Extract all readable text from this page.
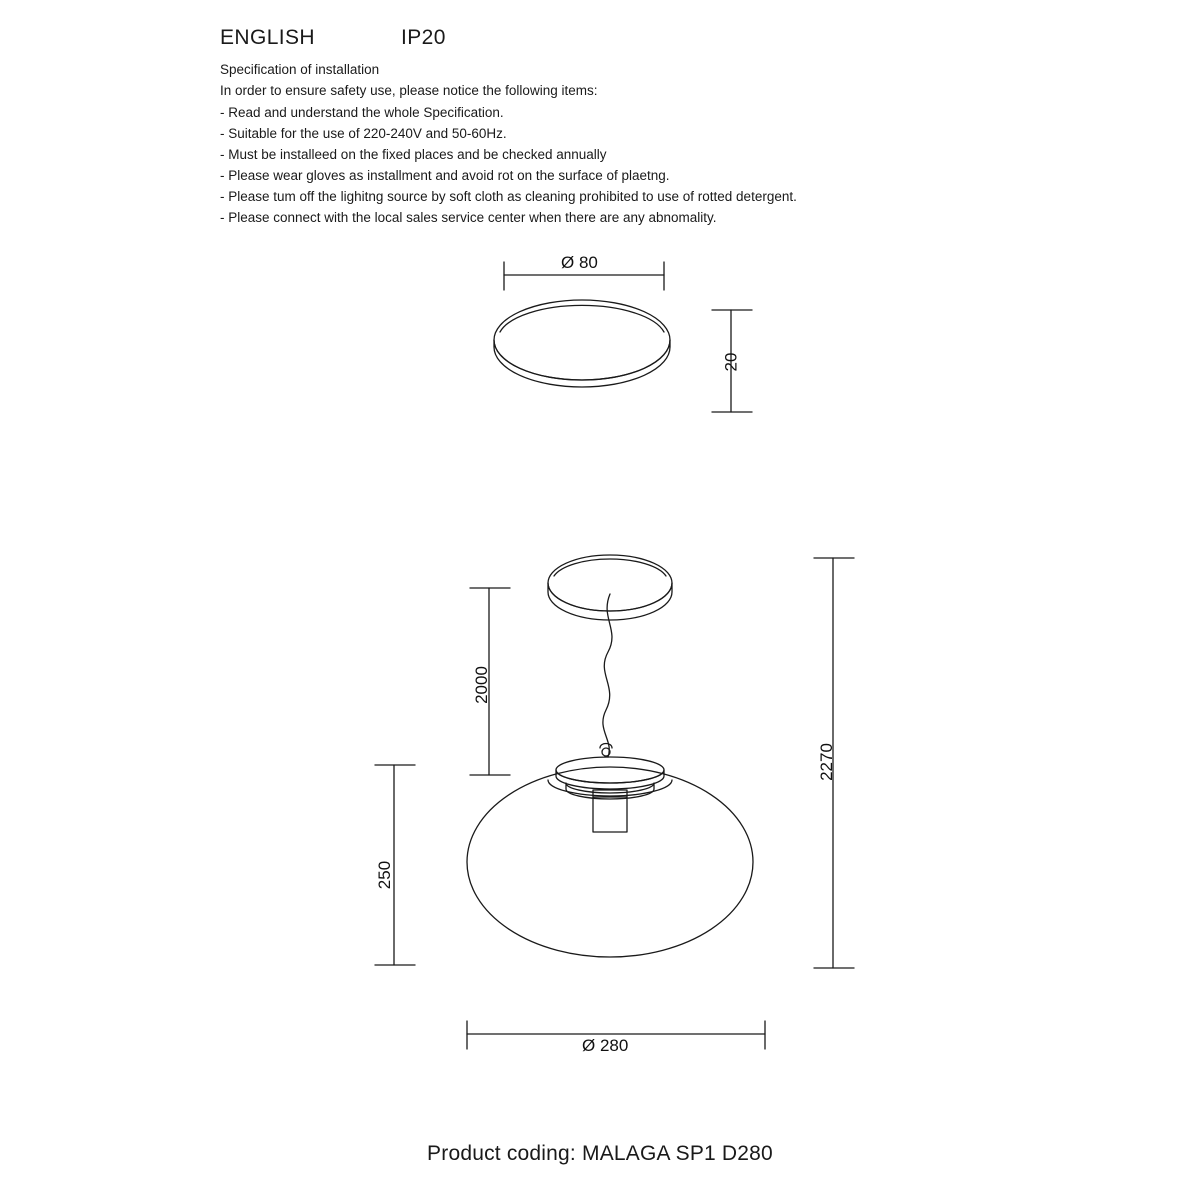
ENGLISH	IP20
Specification of installation
In order to ensure safety use, please notice the following items:
- Read and understand the whole Specification.
- Suitable for the use of 220-240V and 50-60Hz.
- Must be installeed on the fixed places and be checked annually
- Please wear gloves as installment and avoid rot on the surface of plaetng.
- Please tum off the lighitng source by soft cloth as cleaning prohibited to use of rotted detergent.
- Please connect with the local sales service center when there are any abnomality.
Ø 80
20
2000
250
2270
Ø 280
Product coding: MALAGA SP1 D280
